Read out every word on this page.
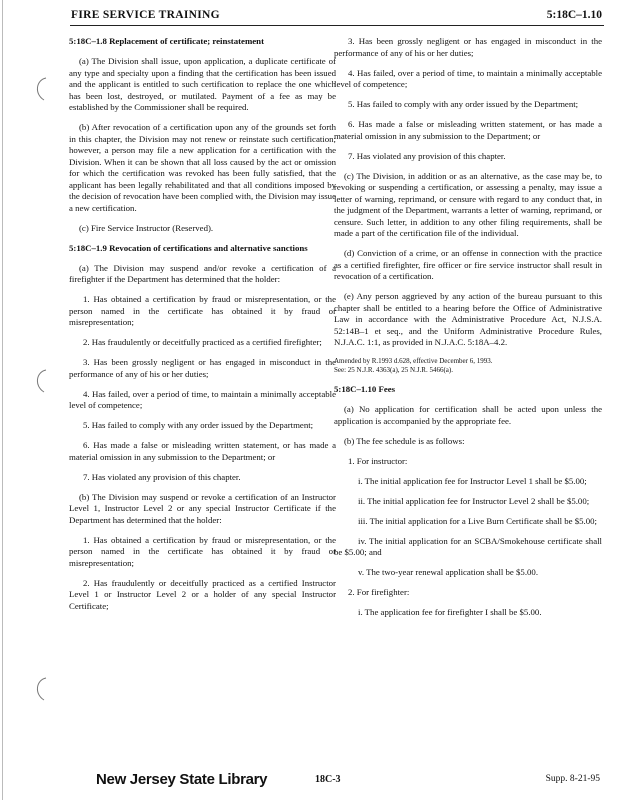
FIRE SERVICE TRAINING	5:18C–1.10

5:18C–1.8 Replacement of certificate; reinstatement

(a) The Division shall issue, upon application, a duplicate certificate of any type and specialty upon a finding that the certification has been issued and the applicant is entitled to such certification to replace the one which has been lost, destroyed, or mutilated. Payment of a fee as may be established by the Commissioner shall be required.

(b) After revocation of a certification upon any of the grounds set forth in this chapter, the Division may not renew or reinstate such certification; however, a person may file a new application for a certification with the Division. When it can be shown that all loss caused by the act or omission for which the certification was revoked has been fully satisfied, that the applicant has been legally rehabilitated and that all conditions imposed by the decision of revocation have been complied with, the Division may issue a new certification.

(c) Fire Service Instructor (Reserved).

5:18C–1.9 Revocation of certifications and alternative sanctions

(a) The Division may suspend and/or revoke a certification of a firefighter if the Department has determined that the holder:

1. Has obtained a certification by fraud or misrepresentation, or the person named in the certificate has obtained it by fraud or misrepresentation;

2. Has fraudulently or deceitfully practiced as a certified firefighter;

3. Has been grossly negligent or has engaged in misconduct in the performance of any of his or her duties;

4. Has failed, over a period of time, to maintain a minimally acceptable level of competence;

5. Has failed to comply with any order issued by the Department;

6. Has made a false or misleading written statement, or has made a material omission in any submission to the Department; or

7. Has violated any provision of this chapter.

(b) The Division may suspend or revoke a certification of an Instructor Level 1, Instructor Level 2 or any special Instructor Certificate if the Department has determined that the holder:

1. Has obtained a certification by fraud or misrepresentation, or the person named in the certificate has obtained it by fraud or misrepresentation;

2. Has fraudulently or deceitfully practiced as a certified Instructor Level 1 or Instructor Level 2 or a holder of any special Instructor Certificate;

3. Has been grossly negligent or has engaged in misconduct in the performance of any of his or her duties;

4. Has failed, over a period of time, to maintain a minimally acceptable level of competence;

5. Has failed to comply with any order issued by the Department;

6. Has made a false or misleading written statement, or has made a material omission in any submission to the Department; or

7. Has violated any provision of this chapter.

(c) The Division, in addition or as an alternative, as the case may be, to revoking or suspending a certification, or assessing a penalty, may issue a letter of warning, reprimand, or censure with regard to any conduct that, in the judgment of the Department, warrants a letter of warning, reprimand, or censure. Such letter, in addition to any other filing requirements, shall be made a part of the certification file of the individual.

(d) Conviction of a crime, or an offense in connection with the practice as a certified firefighter, fire officer or fire service instructor shall result in revocation of a certification.

(e) Any person aggrieved by any action of the bureau pursuant to this chapter shall be entitled to a hearing before the Office of Administrative Law in accordance with the Administrative Procedure Act, N.J.S.A. 52:14B–1 et seq., and the Uniform Administrative Procedure Rules, N.J.A.C. 1:1, as provided in N.J.A.C. 5:18A–4.2.

Amended by R.1993 d.628, effective December 6, 1993.
See: 25 N.J.R. 4363(a), 25 N.J.R. 5466(a).

5:18C–1.10 Fees

(a) No application for certification shall be acted upon unless the application is accompanied by the appropriate fee.

(b) The fee schedule is as follows:

1. For instructor:

i. The initial application fee for Instructor Level 1 shall be $5.00;

ii. The initial application fee for Instructor Level 2 shall be $5.00;

iii. The initial application for a Live Burn Certificate shall be $5.00;

iv. The initial application for an SCBA/Smokehouse certificate shall be $5.00; and

v. The two-year renewal application shall be $5.00.

2. For firefighter:

i. The application fee for firefighter I shall be $5.00.

New Jersey State Library	18C-3	Supp. 8-21-95
